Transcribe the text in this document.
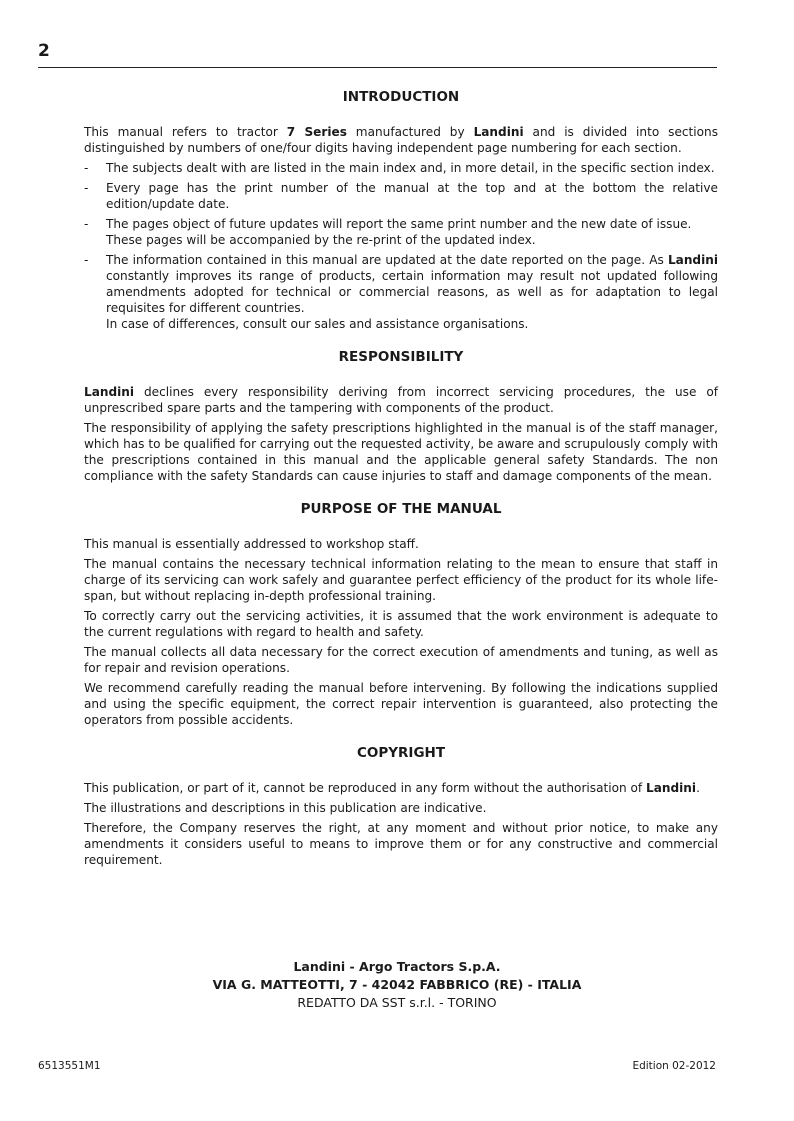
2
INTRODUCTION

This manual refers to tractor 7 Series manufactured by Landini and is divided into sections distinguished by numbers of one/four digits having independent page numbering for each section.

- The subjects dealt with are listed in the main index and, in more detail, in the specific section index.
- Every page has the print number of the manual at the top and at the bottom the relative edition/update date.
- The pages object of future updates will report the same print number and the new date of issue.
These pages will be accompanied by the re-print of the updated index.
- The information contained in this manual are updated at the date reported on the page. As Landini constantly improves its range of products, certain information may result not updated following amendments adopted for technical or commercial reasons, as well as for adaptation to legal requisites for different countries.
In case of differences, consult our sales and assistance organisations.
RESPONSIBILITY

Landini declines every responsibility deriving from incorrect servicing procedures, the use of unprescribed spare parts and the tampering with components of the product.

The responsibility of applying the safety prescriptions highlighted in the manual is of the staff manager, which has to be qualified for carrying out the requested activity, be aware and scrupulously comply with the prescriptions contained in this manual and the applicable general safety Standards. The non compliance with the safety Standards can cause injuries to staff and damage components of the mean.

PURPOSE OF THE MANUAL

This manual is essentially addressed to workshop staff.

The manual contains the necessary technical information relating to the mean to ensure that staff in charge of its servicing can work safely and guarantee perfect efficiency of the product for its whole life-span, but without replacing in-depth professional training.

To correctly carry out the servicing activities, it is assumed that the work environment is adequate to the current regulations with regard to health and safety.

The manual collects all data necessary for the correct execution of amendments and tuning, as well as for repair and revision operations.

We recommend carefully reading the manual before intervening. By following the indications supplied and using the specific equipment, the correct repair intervention is guaranteed, also protecting the operators from possible accidents.

COPYRIGHT

This publication, or part of it, cannot be reproduced in any form without the authorisation of Landini.

The illustrations and descriptions in this publication are indicative.

Therefore, the Company reserves the right, at any moment and without prior notice, to make any amendments it considers useful to means to improve them or for any constructive and commercial requirement.

Landini - Argo Tractors S.p.A.
VIA G. MATTEOTTI, 7 - 42042 FABBRICO (RE) - ITALIA
REDATTO DA SST s.r.l. - TORINO
6513551M1	Edition 02-2012
